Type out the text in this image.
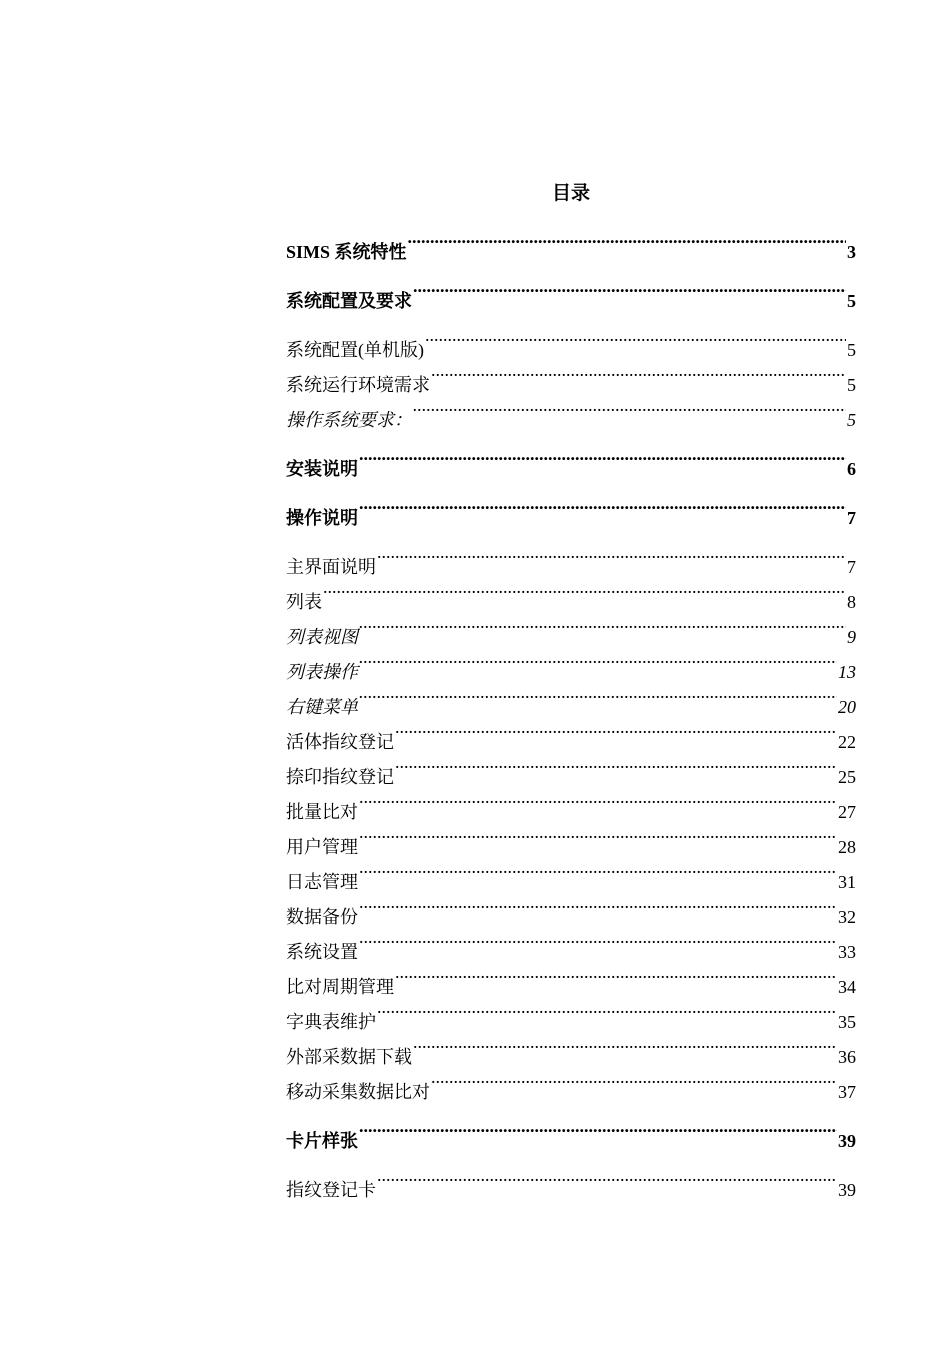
目录
SIMS 系统特性 .....	3
系统配置及要求 .....	5
系统配置(单机版) .....	5
系统运行环境需求 .....	5
操作系统要求： .....	5
安装说明 .....	6
操作说明 .....	7
主界面说明 .....	7
列表 .....	8
列表视图 .....	9
列表操作 .....	13
右键菜单 .....	20
活体指纹登记 .....	22
捺印指纹登记 .....	25
批量比对 .....	27
用户管理 .....	28
日志管理 .....	31
数据备份 .....	32
系统设置 .....	33
比对周期管理 .....	34
字典表维护 .....	35
外部采数据下载 .....	36
移动采集数据比对 .....	37
卡片样张 .....	39
指纹登记卡 .....	39
